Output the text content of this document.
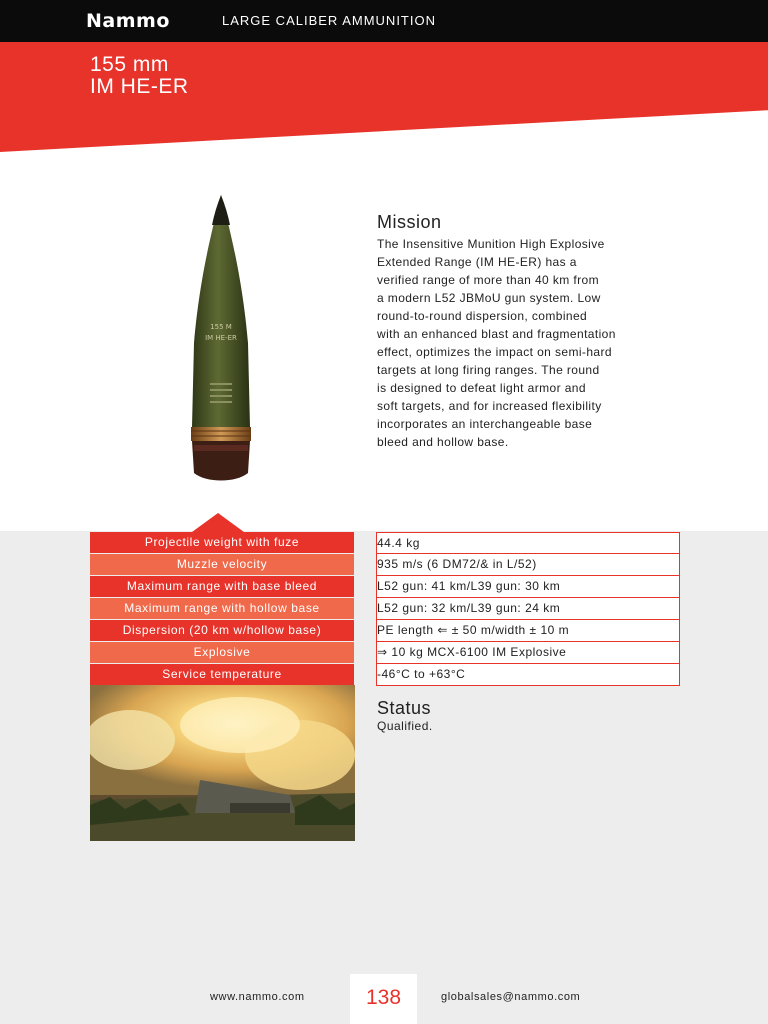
Nammo	LARGE CALIBER AMMUNITION
155 mm
IM HE-ER
155 M
IM HE-ER
Mission
The Insensitive Munition High Explosive
Extended Range (IM HE-ER) has a
verified range of more than 40 km from
a modern L52 JBMoU gun system. Low
round-to-round dispersion, combined
with an enhanced blast and fragmentation
effect, optimizes the impact on semi-hard
targets at long firing ranges. The round
is designed to defeat light armor and
soft targets, and for increased flexibility
incorporates an interchangeable base
bleed and hollow base.
Projectile weight with fuze	44.4 kg
Muzzle velocity	935 m/s (6 DM72/& in L/52)
Maximum range with base bleed	L52 gun: 41 km/L39 gun: 30 km
Maximum range with hollow base	L52 gun: 32 km/L39 gun: 24 km
Dispersion (20 km w/hollow base)	PE length ⇐ ± 50 m/width ± 10 m
Explosive	⇒ 10 kg MCX-6100 IM Explosive
Service temperature	-46°C to +63°C
Status
Qualified.
www.nammo.com	138	globalsales@nammo.com
